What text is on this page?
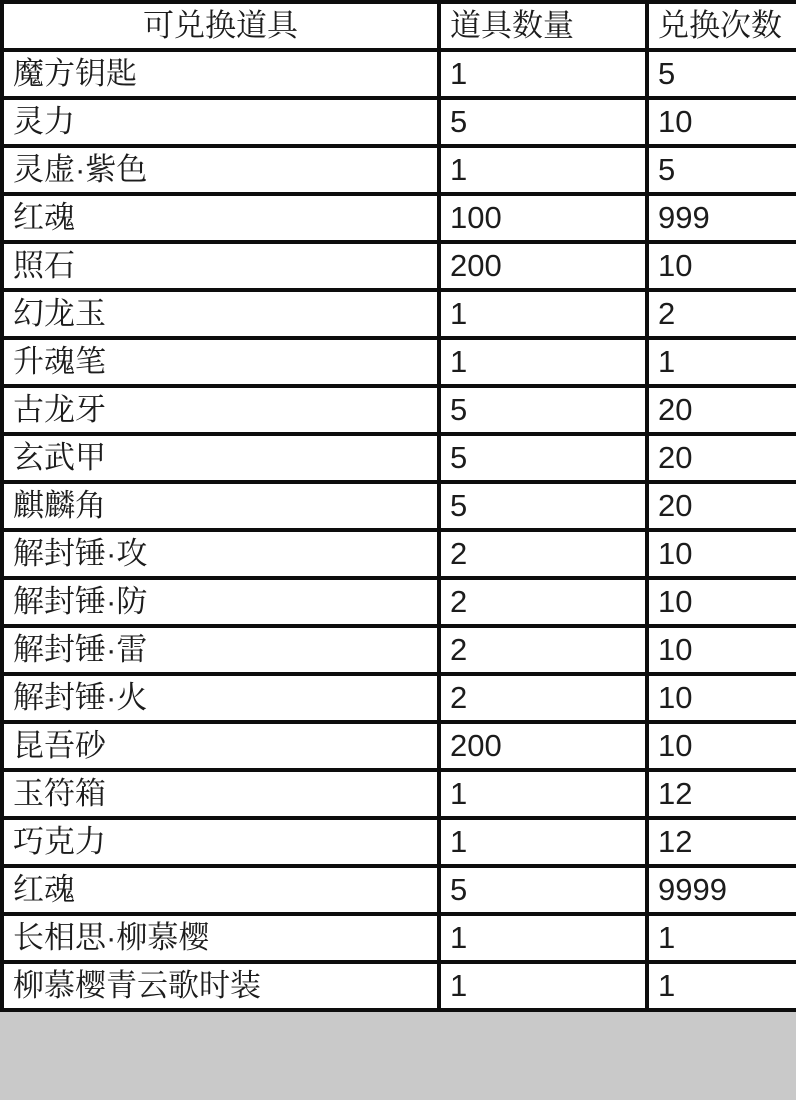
可兑换道具	道具数量	兑换次数
魔方钥匙	1	5
灵力	5	10
灵虚·紫色	1	5
红魂	100	999
照石	200	10
幻龙玉	1	2
升魂笔	1	1
古龙牙	5	20
玄武甲	5	20
麒麟角	5	20
解封锤·攻	2	10
解封锤·防	2	10
解封锤·雷	2	10
解封锤·火	2	10
昆吾砂	200	10
玉符箱	1	12
巧克力	1	12
红魂	5	9999
长相思·柳慕樱	1	1
柳慕樱青云歌时装	1	1
